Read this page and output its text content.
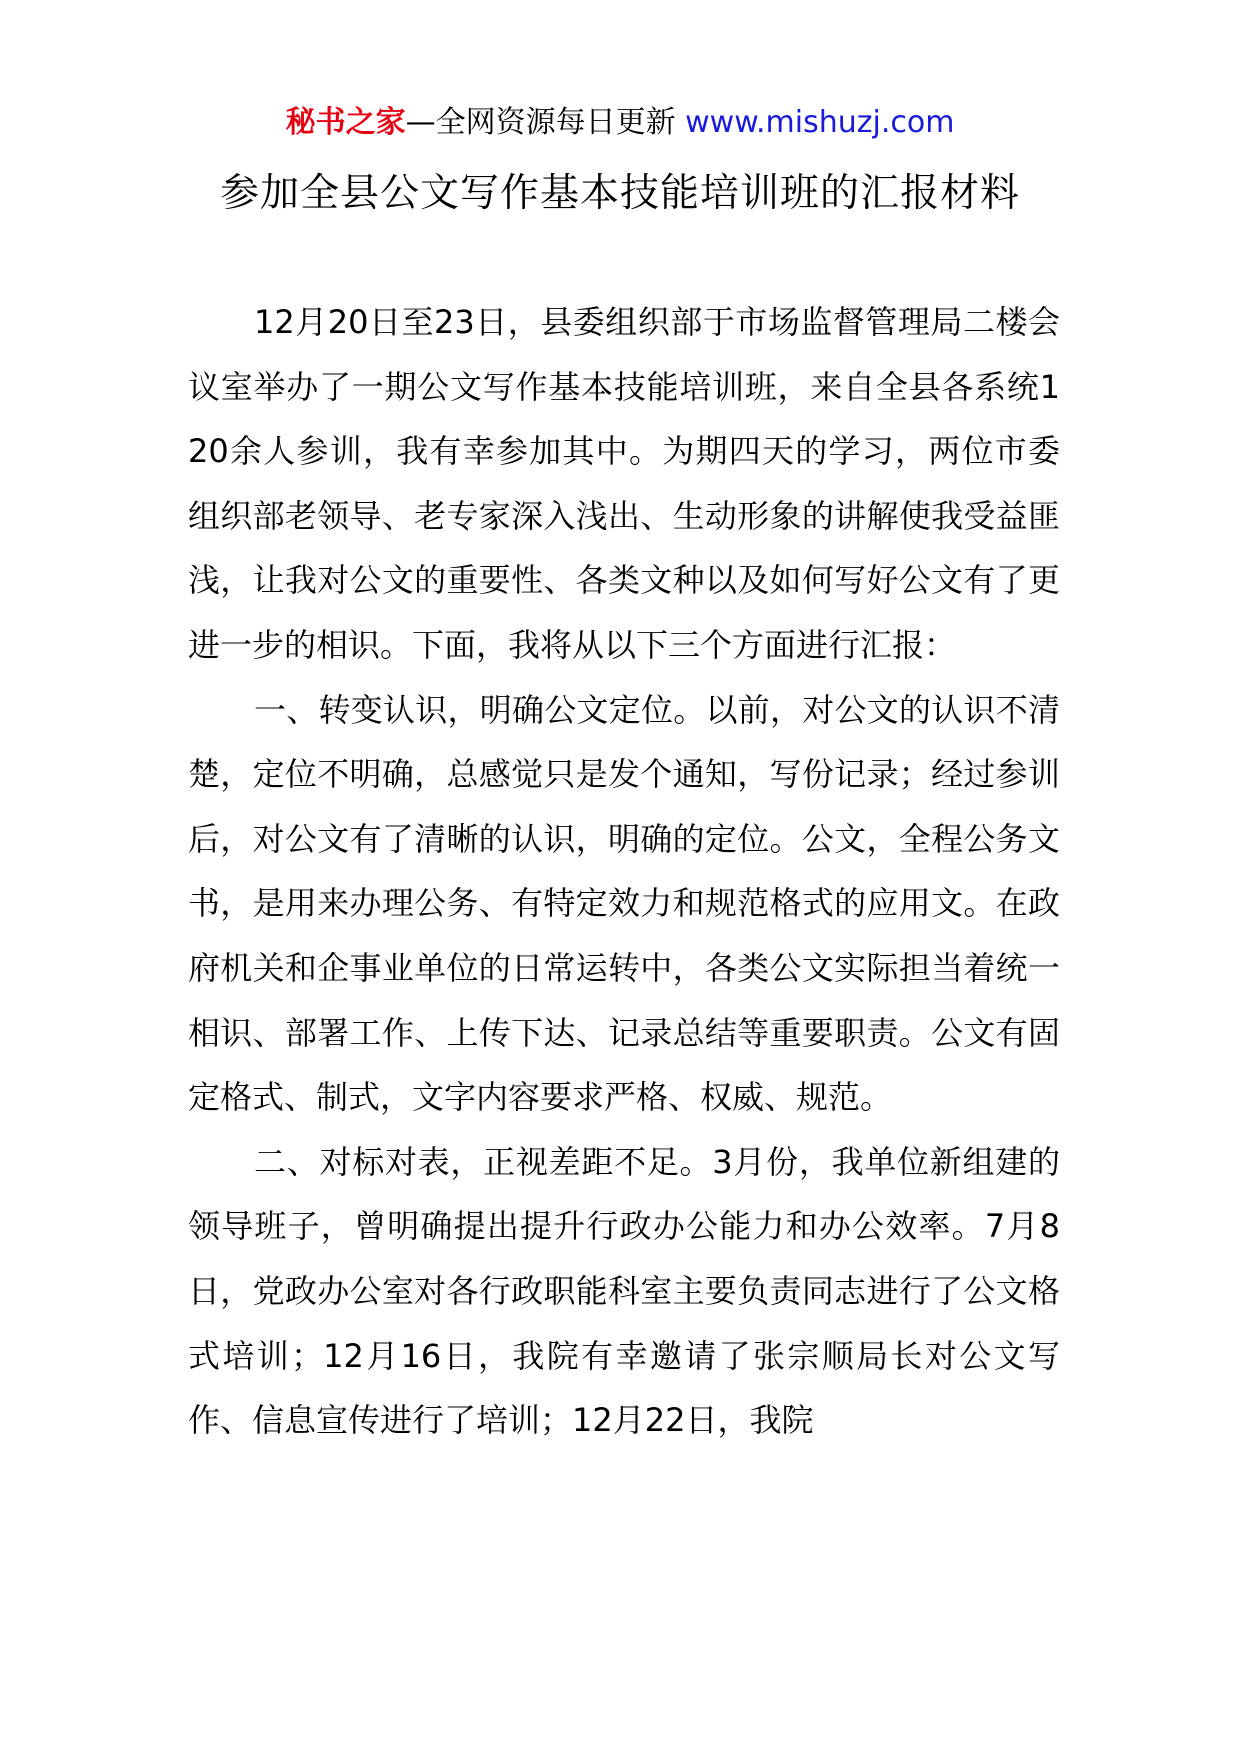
秘书之家—全网资源每日更新 www.mishuzj.com
参加全县公文写作基本技能培训班的汇报材料

12月20日至23日，县委组织部于市场监督管理局二楼会议室举办了一期公文写作基本技能培训班，来自全县各系统120余人参训，我有幸参加其中。为期四天的学习，两位市委组织部老领导、老专家深入浅出、生动形象的讲解使我受益匪浅，让我对公文的重要性、各类文种以及如何写好公文有了更进一步的相识。下面，我将从以下三个方面进行汇报：

一、转变认识，明确公文定位。以前，对公文的认识不清楚，定位不明确，总感觉只是发个通知，写份记录；经过参训后，对公文有了清晰的认识，明确的定位。公文，全程公务文书，是用来办理公务、有特定效力和规范格式的应用文。在政府机关和企事业单位的日常运转中，各类公文实际担当着统一相识、部署工作、上传下达、记录总结等重要职责。公文有固定格式、制式，文字内容要求严格、权威、规范。

二、对标对表，正视差距不足。3月份，我单位新组建的领导班子，曾明确提出提升行政办公能力和办公效率。7月8日，党政办公室对各行政职能科室主要负责同志进行了公文格式培训；12月16日，我院有幸邀请了张宗顺局长对公文写作、信息宣传进行了培训；12月22日，我院
